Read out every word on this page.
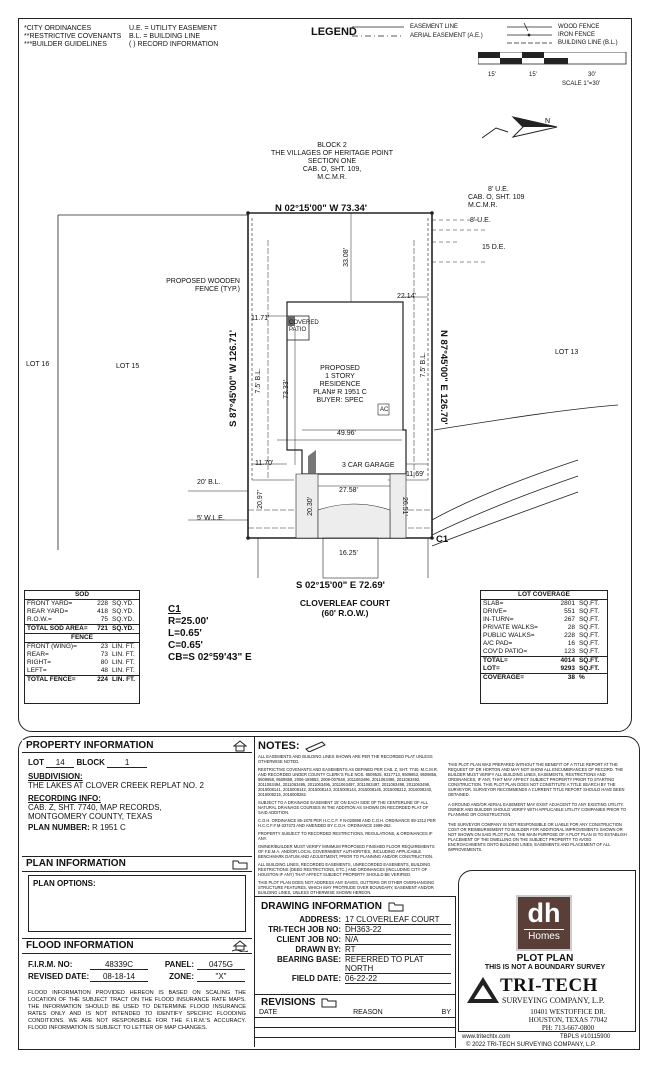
*CITY ORDINANCES	U.E. = UTILITY EASEMENT
**RESTRICTIVE COVENANTS	B.L. = BUILDING LINE
***BUILDER GUIDELINES	( ) RECORD INFORMATION
LEGEND	EASEMENT LINE
AERIAL EASEMENT (A.E.)
WOOD FENCE
IRON FENCE
BUILDING LINE (B.L.)
15'	15'	30'
SCALE 1"=30'
N
BLOCK 2
THE VILLAGES OF HERITAGE POINT
SECTION ONE
CAB. O, SHT. 109,
M.C.M.R.
8' U.E.
CAB. O, SHT. 109
M.C.M.R.
N 02°15'00" W 73.34'
S 02°15'00" E 72.69'
S 87°45'00" W 126.71'	N 87°45'00" E 126.70'
8' U.E.
15 D.E.
PROPOSED WOODEN
FENCE (TYP.)
LOT 16	LOT 15
LOT 13
33.08'
22.14'
11.71'
COVERED PATIO
PROPOSED
1 STORY
RESIDENCE
PLAN# R 1951 C
BUYER: SPEC
73.33'
7.5' B.L.
7.5' B.L.
AC
49.96'
3 CAR GARAGE
11.70'
11.69'
27.58'
20' B.L.
5' W.L.E.
20.97'	20.30'	26.51'
16.25'
C1
CLOVERLEAF COURT
(60' R.O.W.)
C1
R=25.00'
L=0.65'
C=0.65'
CB=S 02°59'43" E
SOD		
FRONT YARD=	228	SQ.YD.
REAR YARD=	418	SQ.YD.
R.O.W.=	75	SQ.YD.
TOTAL SOD AREA=	721	SQ.YD.
FENCE		
FRONT (WING)=	23	LIN. FT.
REAR=	73	LIN. FT.
RIGHT=	80	LIN. FT.
LEFT=	48	LIN. FT.
TOTAL FENCE=	224	LIN. FT.
LOT COVERAGE		
SLAB=	2801	SQ.FT.
DRIVE=	551	SQ.FT.
IN-TURN=	267	SQ.FT.
PRIVATE WALKS=	28	SQ.FT.
PUBLIC WALKS=	228	SQ.FT.
A/C PAD=	16	SQ.FT.
COV'D PATIO=	123	SQ.FT.
TOTAL=	4014	SQ.FT.
LOT=	9293	SQ.FT.
COVERAGE=	38	%
PROPERTY INFORMATION
LOT 14 BLOCK	1
SUBDIVISION:
THE LAKES AT CLOVER CREEK REPLAT NO. 2
RECORDING INFO:
CAB. Z, SHT. 7740, MAP RECORDS,
MONTGOMERY COUNTY, TEXAS
PLAN NUMBER: R 1951 C
PLAN INFORMATION
PLAN OPTIONS:
FLOOD INFORMATION
F.I.R.M. NO:	48339C	PANEL:	0475G
REVISED DATE:	08-18-14	ZONE:	"X"
FLOOD INFORMATION PROVIDED HEREON IS BASED ON SCALING THE LOCATION OF THE SUBJECT TRACT ON THE FLOOD INSURANCE RATE MAPS. THE INFORMATION SHOULD BE USED TO DETERMINE FLOOD INSURANCE RATES ONLY AND IS NOT INTENDED TO IDENTIFY SPECIFIC FLOODING CONDITIONS. WE ARE NOT RESPONSIBLE FOR THE F.I.R.M.'S ACCURACY. FLOOD INFORMATION IS SUBJECT TO LETTER OF MAP CHANGES.
NOTES:

ALL EASEMENTS AND BUILDING LINES SHOWN ARE PER THE RECORDED PLAT UNLESS OTHERWISE NOTED.

RESTRICTIVE COVENANTS AND EASEMENTS AS DEFINED PER CAB. Z, SHT. 7740, M.C.M.R. AND RECORDED UNDER COUNTY CLERK'S FILE NOS. 8509525, 9317713, 9509853, 9509856, 9509858, 9509858, 2006-189853, 2008-007848, 2011063496, 2011063496, 2011063492, 2011063494, 2011063495, 2011063496, 2011063497, 2011063497, 2011063498, 2011063498, 2015008141, 2015008142, 2015008143, 2015008144, 2015008145, 2015008212, 2016008240, 2016008215, 2016008282.

SUBJECT TO A DRAINAGE EASEMENT 15' ON EACH SIDE OF THE CENTERLINE OF ALL NATURAL DRAINAGE COURSES IN THE ADDITION AS SHOWN ON RECORDED PLAT OF SAID ADDITION.

C.O.H. ORDINANCE 85-1878 PER H.C.C.F. # N-020898 AND C.O.H. ORDINANCE 89-1312 PER H.C.C.F.# M-337473 AND AMENDED BY C.O.H. ORDINANCE 1999-262.

PROPERTY SUBJECT TO RECORDED RESTRICTIONS, REGULATIONS, & ORDINANCES IF ANY.

OWNER/BUILDER MUST VERIFY MINIMUM PROPOSED FINISHED FLOOR REQUIREMENTS OF F.E.M.A. AND/OR LOCAL GOVERNMENT AUTHORITIES, INCLUDING APPLICABLE BENCHMARK DATUM AND ADJUSTMENT, PRIOR TO PLANNING AND/OR CONSTRUCTION.

ALL BUILDING LINES, RECORDED EASEMENTS, UNRECORDED EASEMENTS, BUILDING RESTRICTIONS (DEED RESTRICTIONS, ETC.) AND ORDINANCES (INCLUDING CITY OF HOUSTON IF ANY) THAT AFFECT SUBJECT PROPERTY SHOULD BE VERIFIED.

THIS PLOT PLAN DOES NOT ADDRESS ANY EAVES, GUTTERS OR OTHER OVERHANGING STRUCTURE FEATURES, WHICH MAY PROTRUDE OVER BOUNDARY, EASEMENT AND/OR BUILDING LINES, UNLESS OTHERWISE SHOWN HEREON.

THIS PLOT PLAN WAS PREPARED WITHOUT THE BENEFIT OF A TITLE REPORT AT THE REQUEST OF DR HORTON AND MAY NOT SHOW ALL ENCUMBRANCES OF RECORD. THE BUILDER MUST VERIFY ALL BUILDING LINES, EASEMENTS, RESTRICTIONS AND ORDINANCES, IF ANY, THAT MAY AFFECT SUBJECT PROPERTY PRIOR TO STARTING CONSTRUCTION. THIS PLOT PLAN DOES NOT CONSTITUTE A TITLE SEARCH BY THE SURVEYOR. SURVEYOR RECOMMENDS A CURRENT TITLE REPORT SHOULD HAVE BEEN OBTAINED.

A GROUND AND/OR AERIAL EASEMENT MAY EXIST ADJACENT TO ANY EXISTING UTILITY. OWNER AND BUILDER SHOULD VERIFY WITH APPLICABLE UTILITY COMPANIES PRIOR TO PLANNING OR CONSTRUCTION.

THE SURVEYOR COMPANY IS NOT RESPONSIBLE OR LIABLE FOR ANY CONSTRUCTION COST OR REIMBURSEMENT TO BUILDER FOR ADDITIONAL IMPROVEMENTS SHOWN OR NOT SHOWN ON SAID PLOT PLAN. THE MAIN PURPOSE OF A PLOT PLAN IS TO ESTABLISH PLACEMENT OF THE DWELLING ON THE SUBJECT PROPERTY TO AVOID ENCROACHMENTS ONTO BUILDING LINES, EASEMENTS AND PLACEMENT OF ALL IMPROVEMENTS.

DRAWING INFORMATION
ADDRESS: 17 CLOVERLEAF COURT
TRI-TECH JOB NO: DH363-22
CLIENT JOB NO: N/A
DRAWN BY: RT
BEARING BASE: REFERRED TO PLAT NORTH
FIELD DATE: 06-22-22
REVISIONS
DATE	REASON	BY
dh
Homes
PLOT PLAN
THIS IS NOT A BOUNDARY SURVEY
TRI-TECH
SURVEYING COMPANY, L.P.
10401 WESTOFFICE DR.
HOUSTON, TEXAS 77042
PH: 713-667-0800
www.tritechtx.com	TBPLS #10115900
© 2022 TRI-TECH SURVEYING COMPANY, L.P.
